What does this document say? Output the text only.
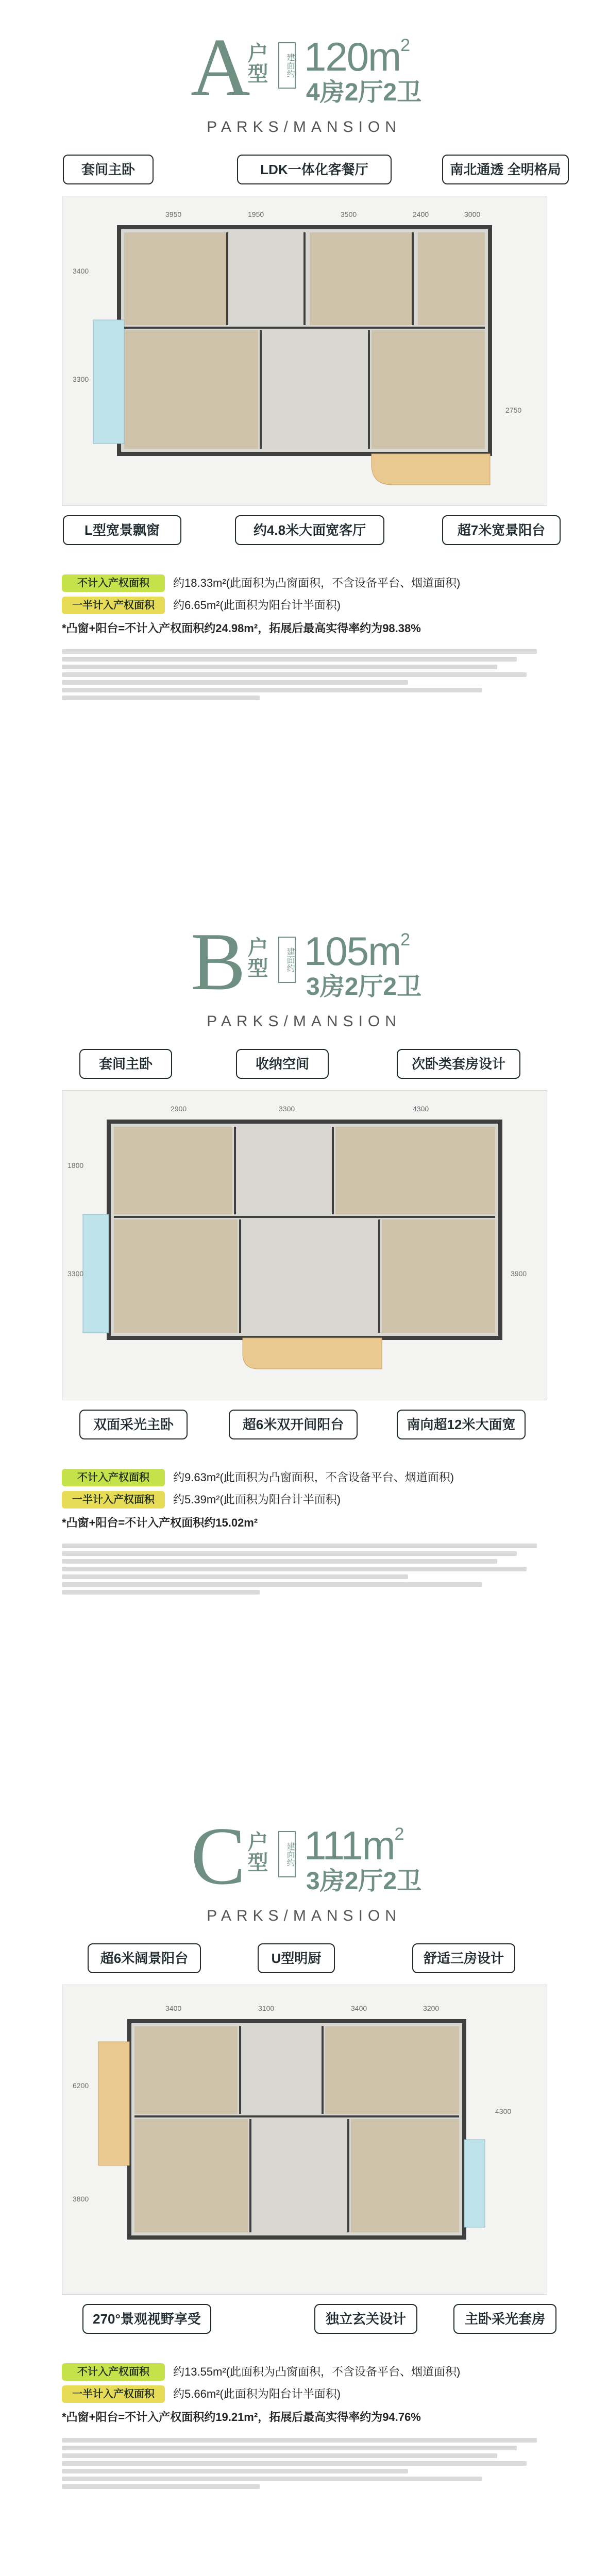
A
户型	建面约 $120m^2$
4房2厅2卫
PARKS/MANSION
套间主卧	LDK一体化客餐厅	南北通透 全明格局
3950	1950	3500	2400	3000
3400
3300
2750
L型宽景飘窗	约4.8米大面宽客厅	超7米宽景阳台
不计入产权面积 约18.33m²(此面积为凸窗面积，不含设备平台、烟道面积)
一半计入产权面积 约6.65m²(此面积为阳台计半面积)
*凸窗+阳台=不计入产权面积约24.98m²，拓展后最高实得率约为98.38%
B
户型	建面约 $105m^2$
3房2厅2卫
PARKS/MANSION
套间主卧	收纳空间	次卧类套房设计
2900	3300	4300
1800
3300	3900
双面采光主卧	超6米双开间阳台	南向超12米大面宽
不计入产权面积 约9.63m²(此面积为凸窗面积，不含设备平台、烟道面积)
一半计入产权面积 约5.39m²(此面积为阳台计半面积)
*凸窗+阳台=不计入产权面积约15.02m²
C
户型	建面约 $111m^2$
3房2厅2卫
PARKS/MANSION
超6米阔景阳台	U型明厨	舒适三房设计
3400	3100	3400	3200
6200
3800
4300
270°景观视野享受	独立玄关设计	主卧采光套房
不计入产权面积 约13.55m²(此面积为凸窗面积，不含设备平台、烟道面积)
一半计入产权面积 约5.66m²(此面积为阳台计半面积)
*凸窗+阳台=不计入产权面积约19.21m²，拓展后最高实得率约为94.76%
